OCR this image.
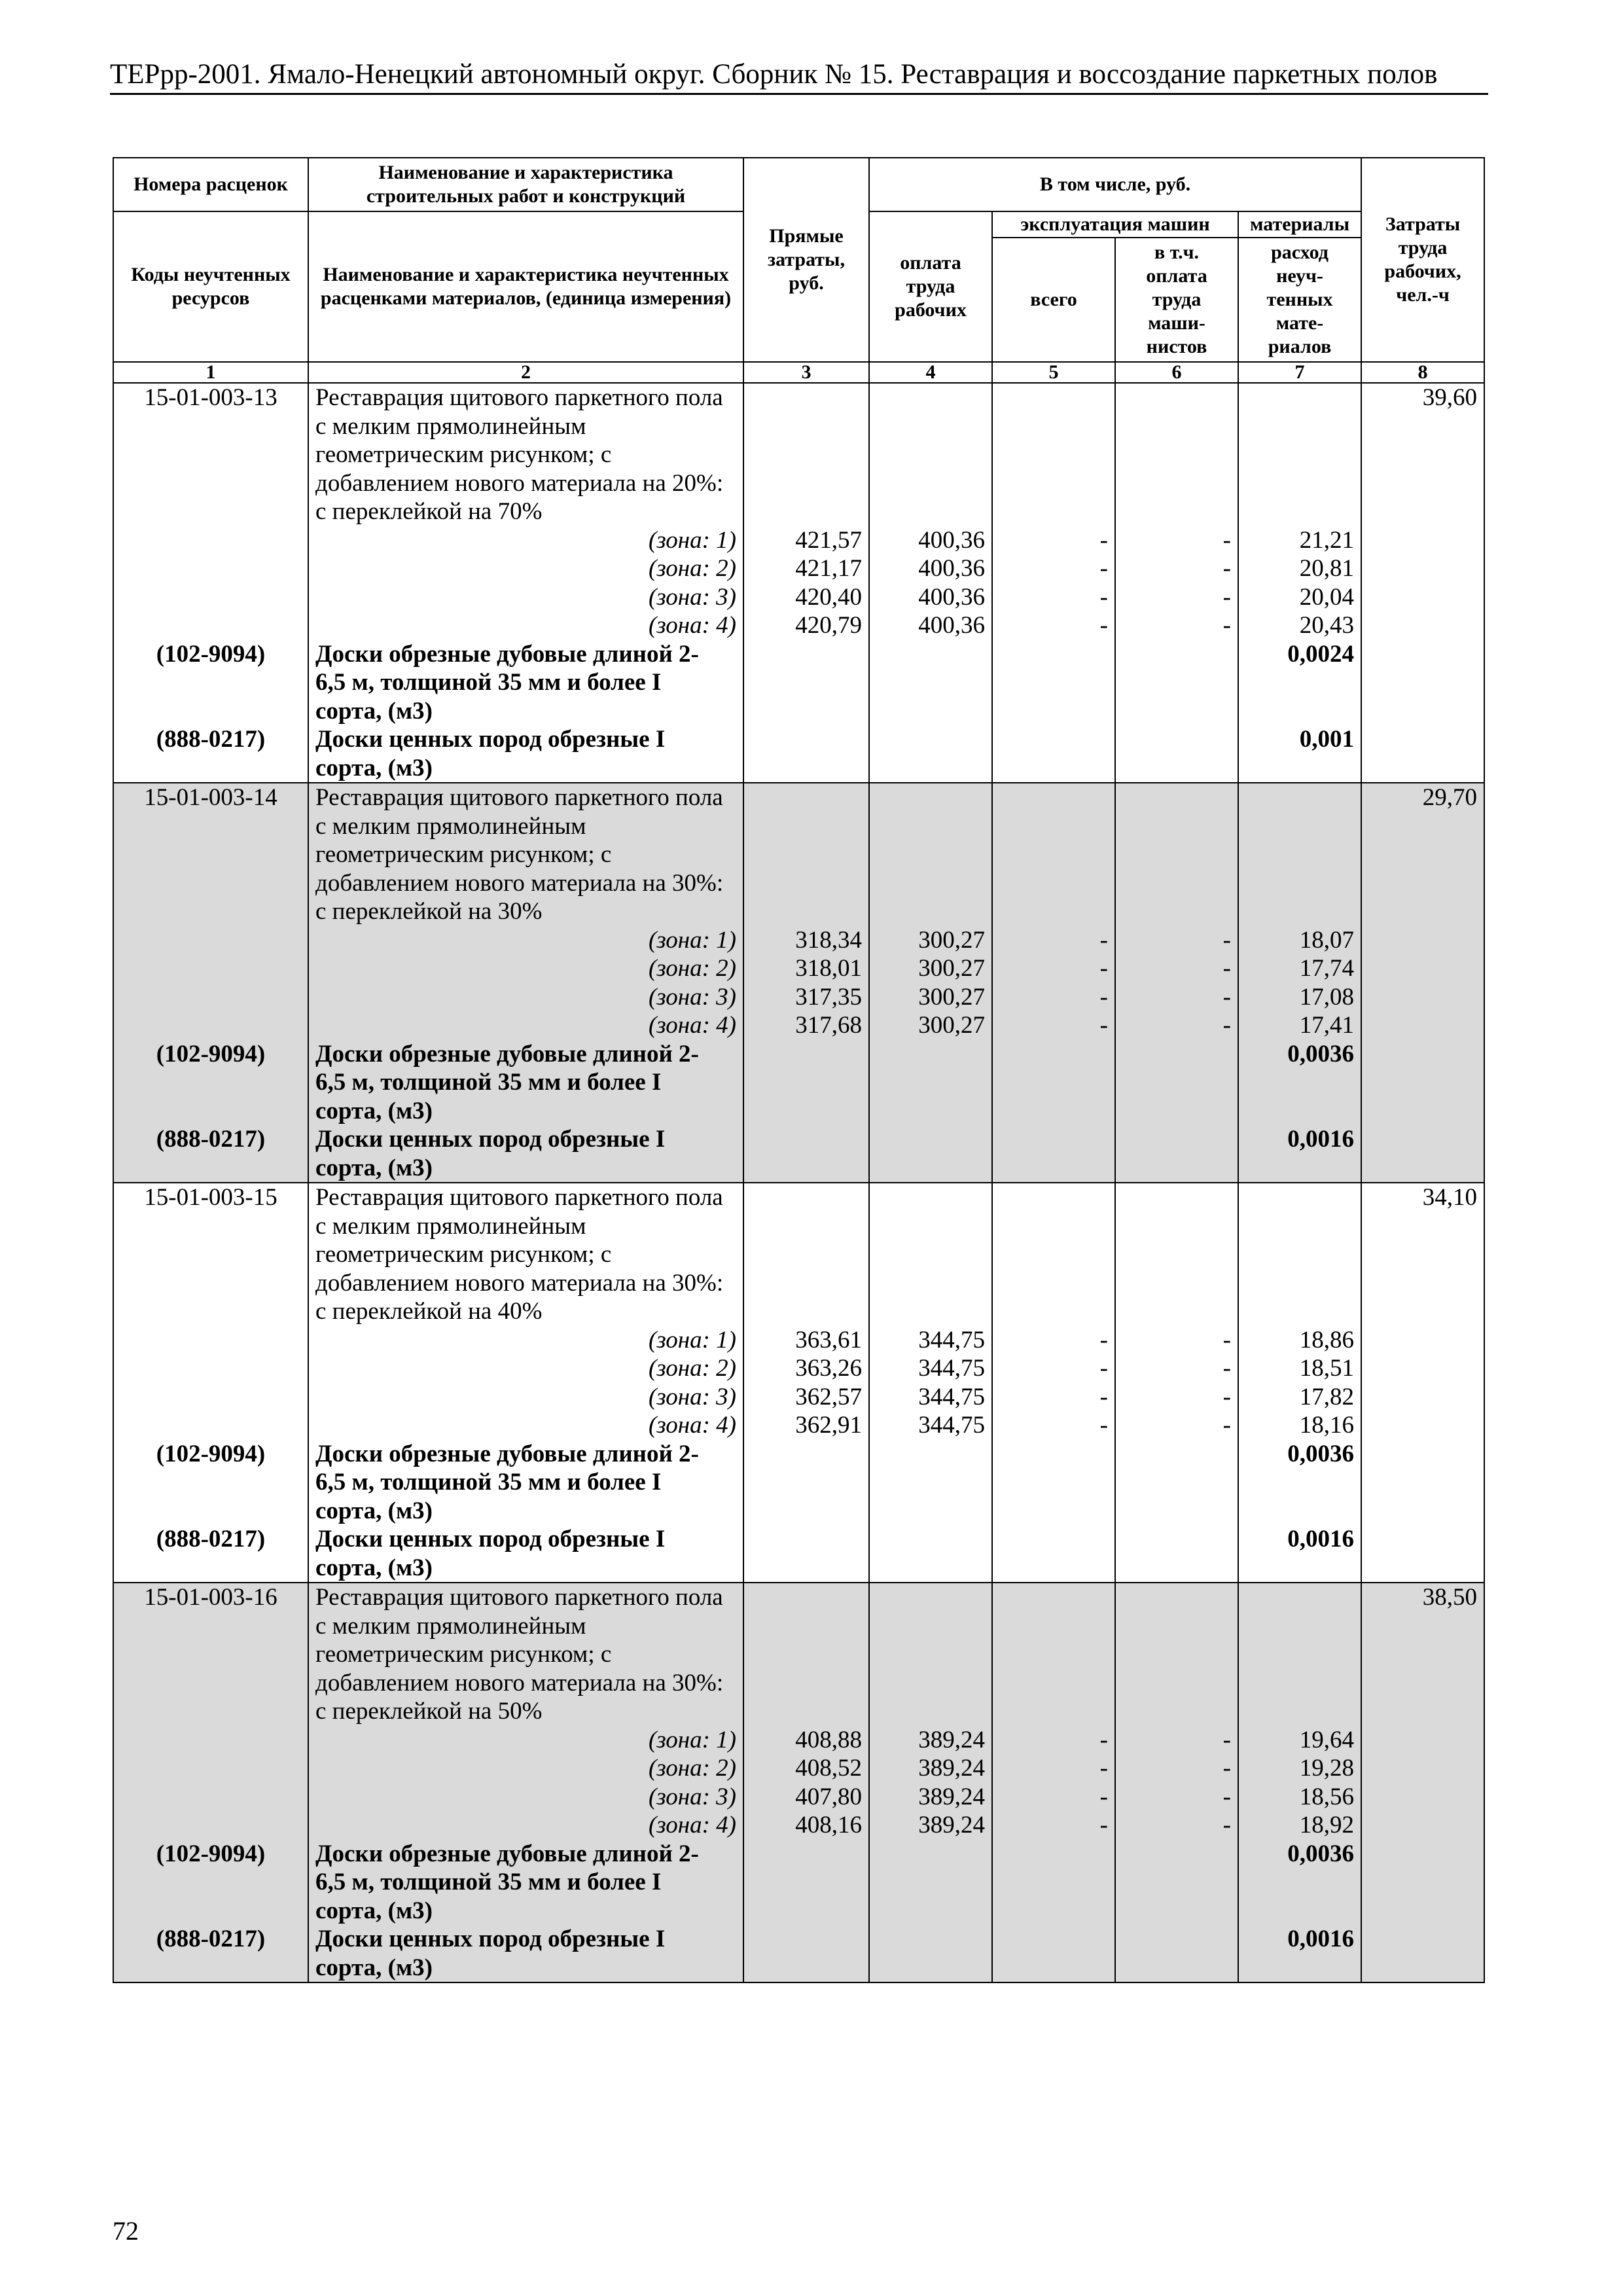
ТЕРрр-2001. Ямало-Ненецкий автономный округ. Сборник № 15. Реставрация и воссоздание паркетных полов
Номера расценок	Наименование и характеристика строительных работ и конструкций	Прямые затраты, руб.	В том числе, руб.				Затраты труда рабочих, чел.-ч
Коды неучтенных ресурсов	Наименование и характеристика неучтенных расценками материалов, (единица измерения)		оплата труда рабочих	эксплуатация машин		материалы	
				всего	в т.ч. оплата труда маши-нистов	расход неуч-тенных мате-риалов	
1	2	3	4	5	6	7	8
15-01-003-13	Реставрация щитового паркетного пола						39,60
	с мелким прямолинейным						
	геометрическим рисунком; с						
	добавлением нового материала на 20%:						
	с переклейкой на 70%						
	(зона: 1)	421,57	400,36	-	-	21,21	
	(зона: 2)	421,17	400,36	-	-	20,81	
	(зона: 3)	420,40	400,36	-	-	20,04	
	(зона: 4)	420,79	400,36	-	-	20,43	
(102-9094)	Доски обрезные дубовые длиной 2-					0,0024	
	6,5 м, толщиной 35 мм и более I						
	сорта, (м3)						
(888-0217)	Доски ценных пород обрезные I					0,001	
	сорта, (м3)						
15-01-003-14	Реставрация щитового паркетного пола						29,70
	с мелким прямолинейным						
	геометрическим рисунком; с						
	добавлением нового материала на 30%:						
	с переклейкой на 30%						
	(зона: 1)	318,34	300,27	-	-	18,07	
	(зона: 2)	318,01	300,27	-	-	17,74	
	(зона: 3)	317,35	300,27	-	-	17,08	
	(зона: 4)	317,68	300,27	-	-	17,41	
(102-9094)	Доски обрезные дубовые длиной 2-					0,0036	
	6,5 м, толщиной 35 мм и более I						
	сорта, (м3)						
(888-0217)	Доски ценных пород обрезные I					0,0016	
	сорта, (м3)						
15-01-003-15	Реставрация щитового паркетного пола						34,10
	с мелким прямолинейным						
	геометрическим рисунком; с						
	добавлением нового материала на 30%:						
	с переклейкой на 40%						
	(зона: 1)	363,61	344,75	-	-	18,86	
	(зона: 2)	363,26	344,75	-	-	18,51	
	(зона: 3)	362,57	344,75	-	-	17,82	
	(зона: 4)	362,91	344,75	-	-	18,16	
(102-9094)	Доски обрезные дубовые длиной 2-					0,0036	
	6,5 м, толщиной 35 мм и более I						
	сорта, (м3)						
(888-0217)	Доски ценных пород обрезные I					0,0016	
	сорта, (м3)						
15-01-003-16	Реставрация щитового паркетного пола						38,50
	с мелким прямолинейным						
	геометрическим рисунком; с						
	добавлением нового материала на 30%:						
	с переклейкой на 50%						
	(зона: 1)	408,88	389,24	-	-	19,64	
	(зона: 2)	408,52	389,24	-	-	19,28	
	(зона: 3)	407,80	389,24	-	-	18,56	
	(зона: 4)	408,16	389,24	-	-	18,92	
(102-9094)	Доски обрезные дубовые длиной 2-					0,0036	
	6,5 м, толщиной 35 мм и более I						
	сорта, (м3)						
(888-0217)	Доски ценных пород обрезные I					0,0016	
	сорта, (м3)						
72
